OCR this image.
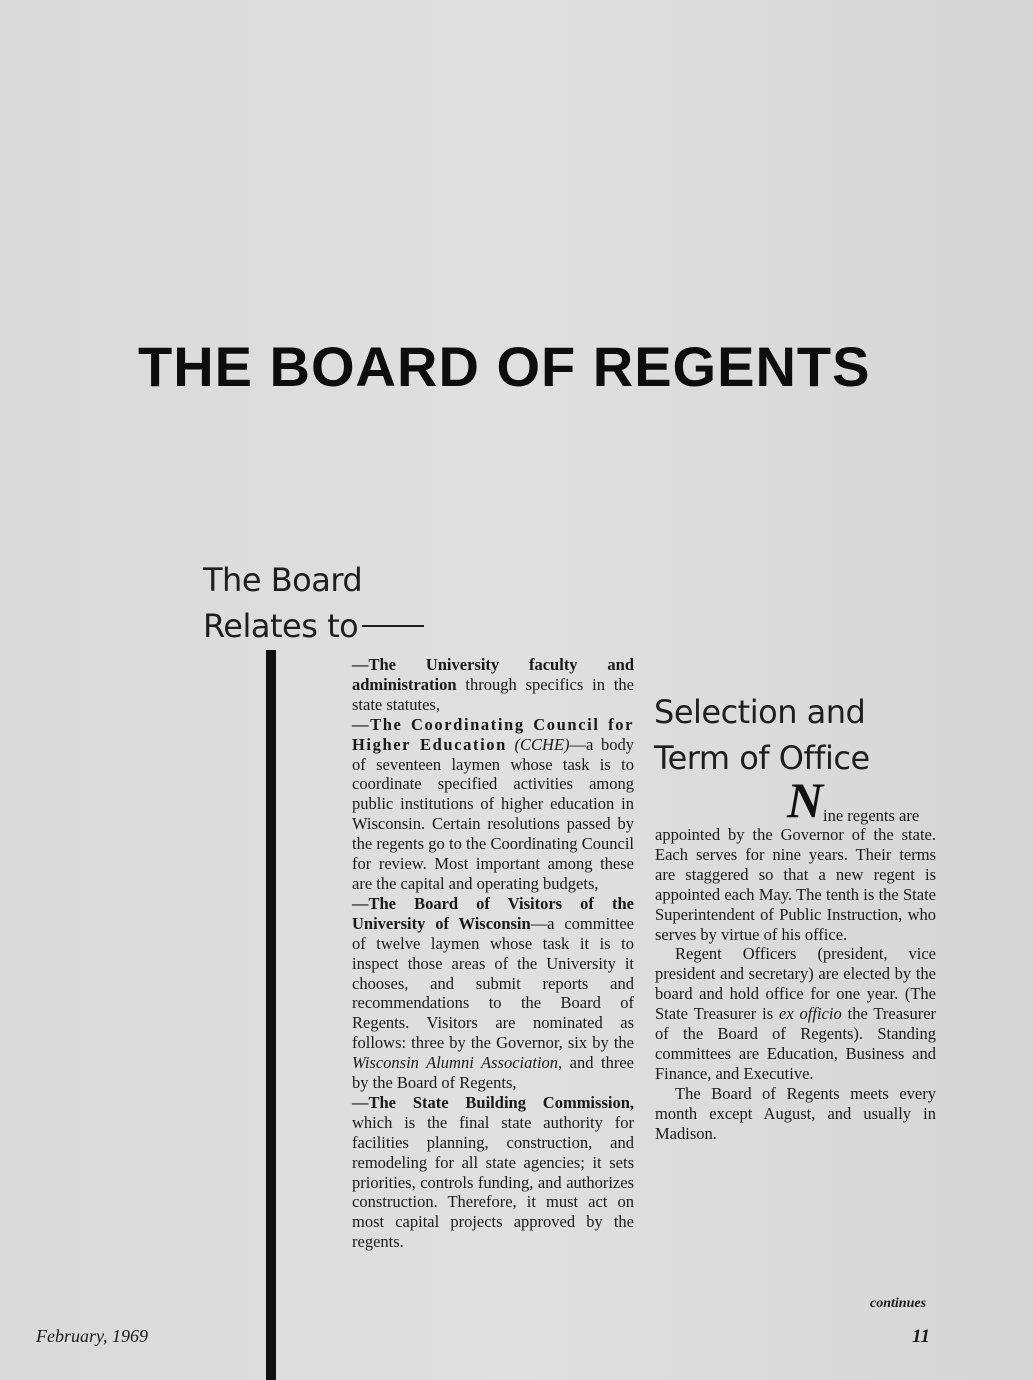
THE BOARD OF REGENTS
The Board
Relates to

—The University faculty and administration through specifics in the state statutes,

—The Coordinating Council for Higher Education (CCHE)—a body of seventeen laymen whose task is to coordinate specified activities among public institutions of higher education in Wisconsin. Certain resolutions passed by the regents go to the Coordinating Council for review. Most important among these are the capital and operating budgets,

—The Board of Visitors of the University of Wisconsin—a committee of twelve laymen whose task it is to inspect those areas of the University it chooses, and submit reports and recommendations to the Board of Regents. Visitors are nominated as follows: three by the Governor, six by the Wisconsin Alumni Association, and three by the Board of Regents,

—The State Building Commission, which is the final state authority for facilities planning, construction, and remodeling for all state agencies; it sets priorities, controls funding, and authorizes construction. Therefore, it must act on most capital projects approved by the regents.

Selection and
Term of Office
N ine regents are

appointed by the Governor of the state. Each serves for nine years. Their terms are staggered so that a new regent is appointed each May. The tenth is the State Superintendent of Public Instruction, who serves by virtue of his office.

Regent Officers (president, vice president and secretary) are elected by the board and hold office for one year. (The State Treasurer is ex officio the Treasurer of the Board of Regents). Standing committees are Education, Business and Finance, and Executive.

The Board of Regents meets every month except August, and usually in Madison.

continues
February, 1969	11
